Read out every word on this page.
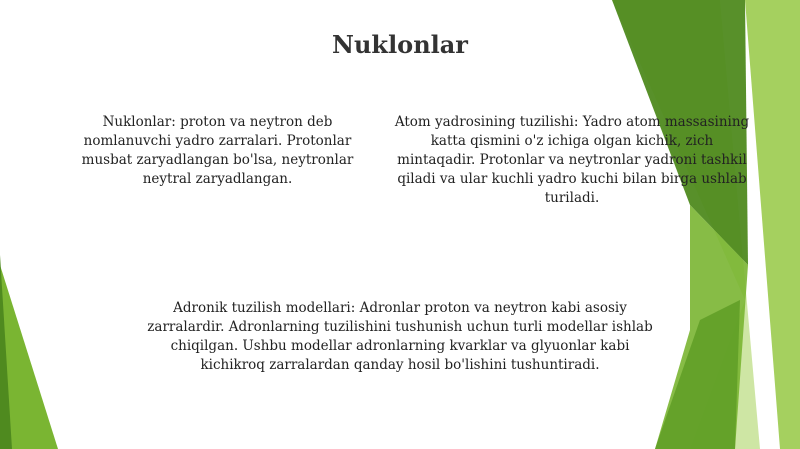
Nuklonlar
Nuklonlar: proton va neytron deb nomlanuvchi yadro zarralari. Protonlar musbat zaryadlangan bo'lsa, neytronlar neytral zaryadlangan.
Atom yadrosining tuzilishi: Yadro atom massasining katta qismini o'z ichiga olgan kichik, zich mintaqadir. Protonlar va neytronlar yadroni tashkil qiladi va ular kuchli yadro kuchi bilan birga ushlab turiladi.
Adronik tuzilish modellari: Adronlar proton va neytron kabi asosiy zarralardir. Adronlarning tuzilishini tushunish uchun turli modellar ishlab chiqilgan. Ushbu modellar adronlarning kvarklar va glyuonlar kabi kichikroq zarralardan qanday hosil bo'lishini tushuntiradi.
